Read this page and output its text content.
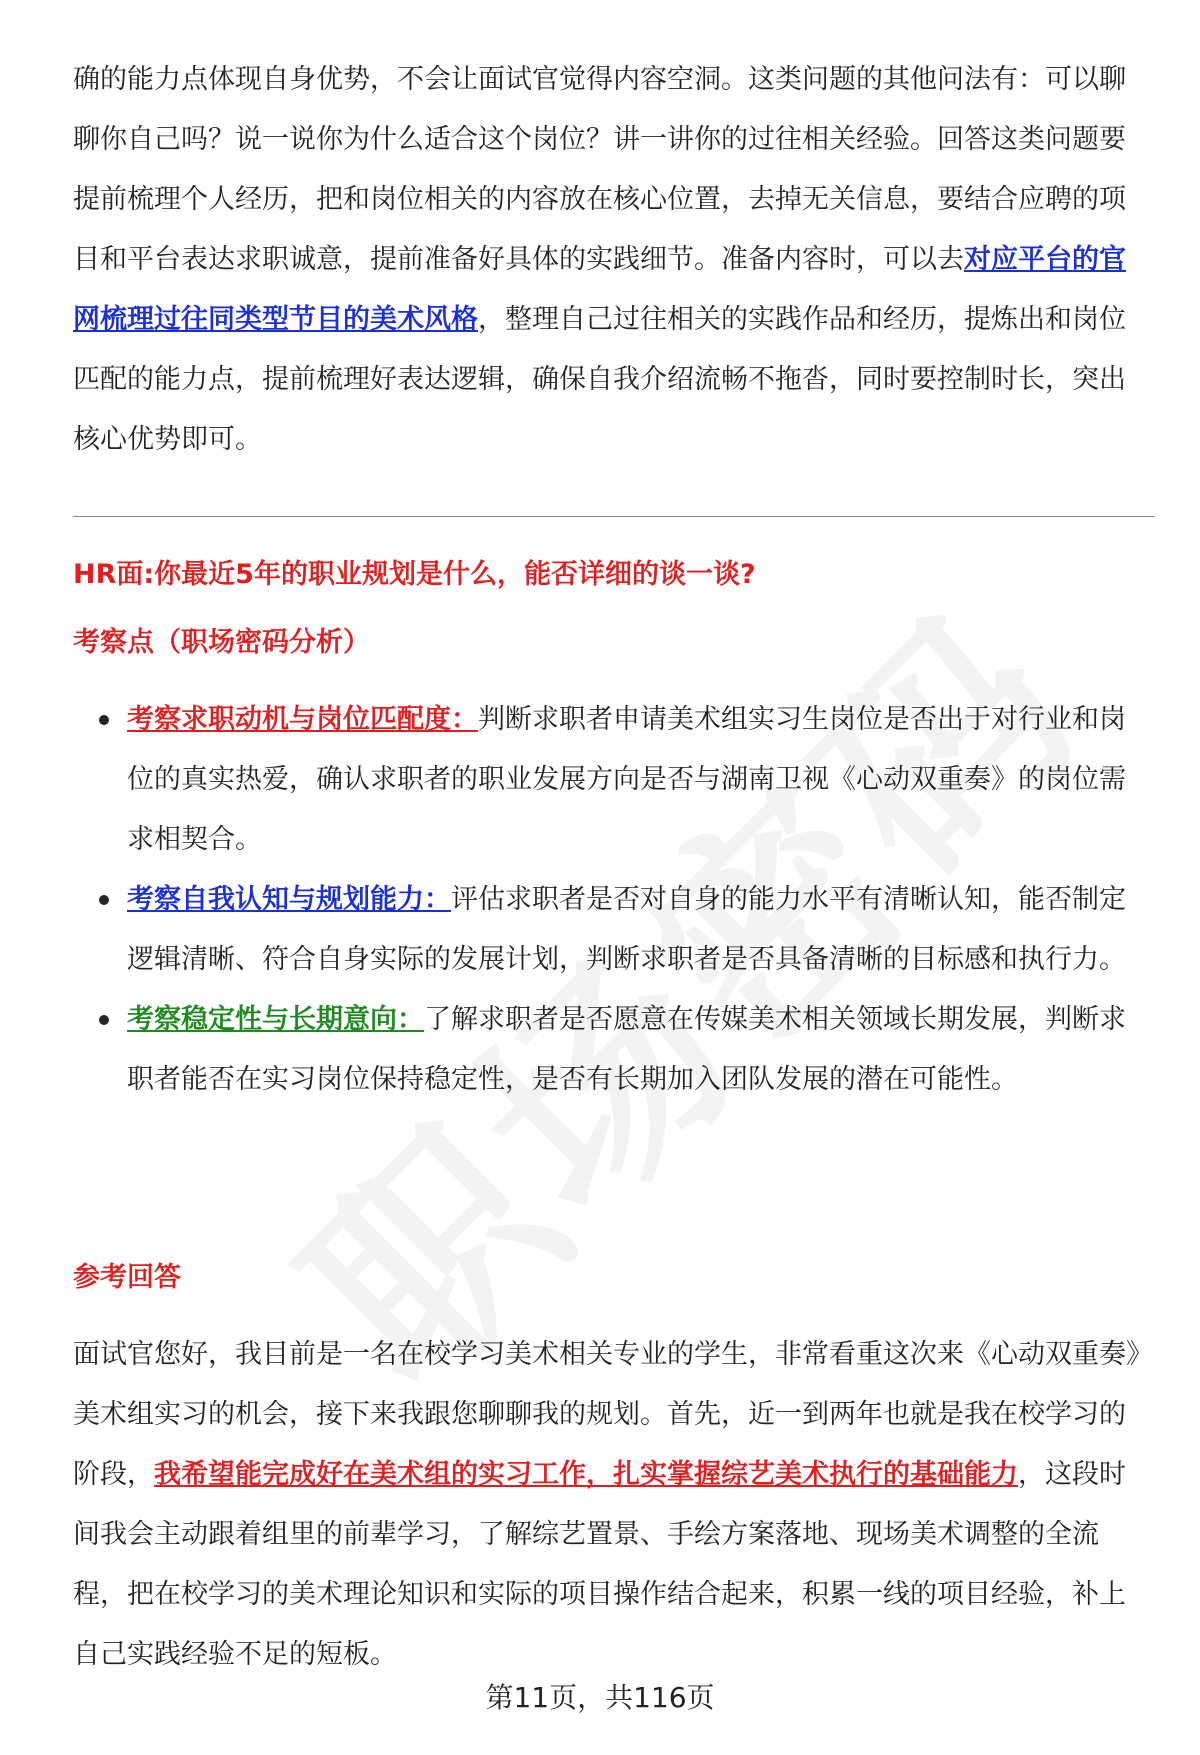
确的能力点体现自身优势，不会让面试官觉得内容空洞。这类问题的其他问法有：可以聊聊你自己吗？说一说你为什么适合这个岗位？讲一讲你的过往相关经验。回答这类问题要提前梳理个人经历，把和岗位相关的内容放在核心位置，去掉无关信息，要结合应聘的项目和平台表达求职诚意，提前准备好具体的实践细节。准备内容时，可以去对应平台的官网梳理过往同类型节目的美术风格，整理自己过往相关的实践作品和经历，提炼出和岗位匹配的能力点，提前梳理好表达逻辑，确保自我介绍流畅不拖沓，同时要控制时长，突出核心优势即可。

HR面:你最近5年的职业规划是什么，能否详细的谈一谈?
考察点（职场密码分析）
考察求职动机与岗位匹配度：判断求职者申请美术组实习生岗位是否出于对行业和岗位的真实热爱，确认求职者的职业发展方向是否与湖南卫视《心动双重奏》的岗位需求相契合。
考察自我认知与规划能力：评估求职者是否对自身的能力水平有清晰认知，能否制定逻辑清晰、符合自身实际的发展计划，判断求职者是否具备清晰的目标感和执行力。
考察稳定性与长期意向：了解求职者是否愿意在传媒美术相关领域长期发展，判断求职者能否在实习岗位保持稳定性，是否有长期加入团队发展的潜在可能性。
参考回答

面试官您好，我目前是一名在校学习美术相关专业的学生，非常看重这次来《心动双重奏》美术组实习的机会，接下来我跟您聊聊我的规划。首先，近一到两年也就是我在校学习的阶段，我希望能完成好在美术组的实习工作，扎实掌握综艺美术执行的基础能力，这段时间我会主动跟着组里的前辈学习，了解综艺置景、手绘方案落地、现场美术调整的全流程，把在校学习的美术理论知识和实际的项目操作结合起来，积累一线的项目经验，补上自己实践经验不足的短板。

第11页，共116页
